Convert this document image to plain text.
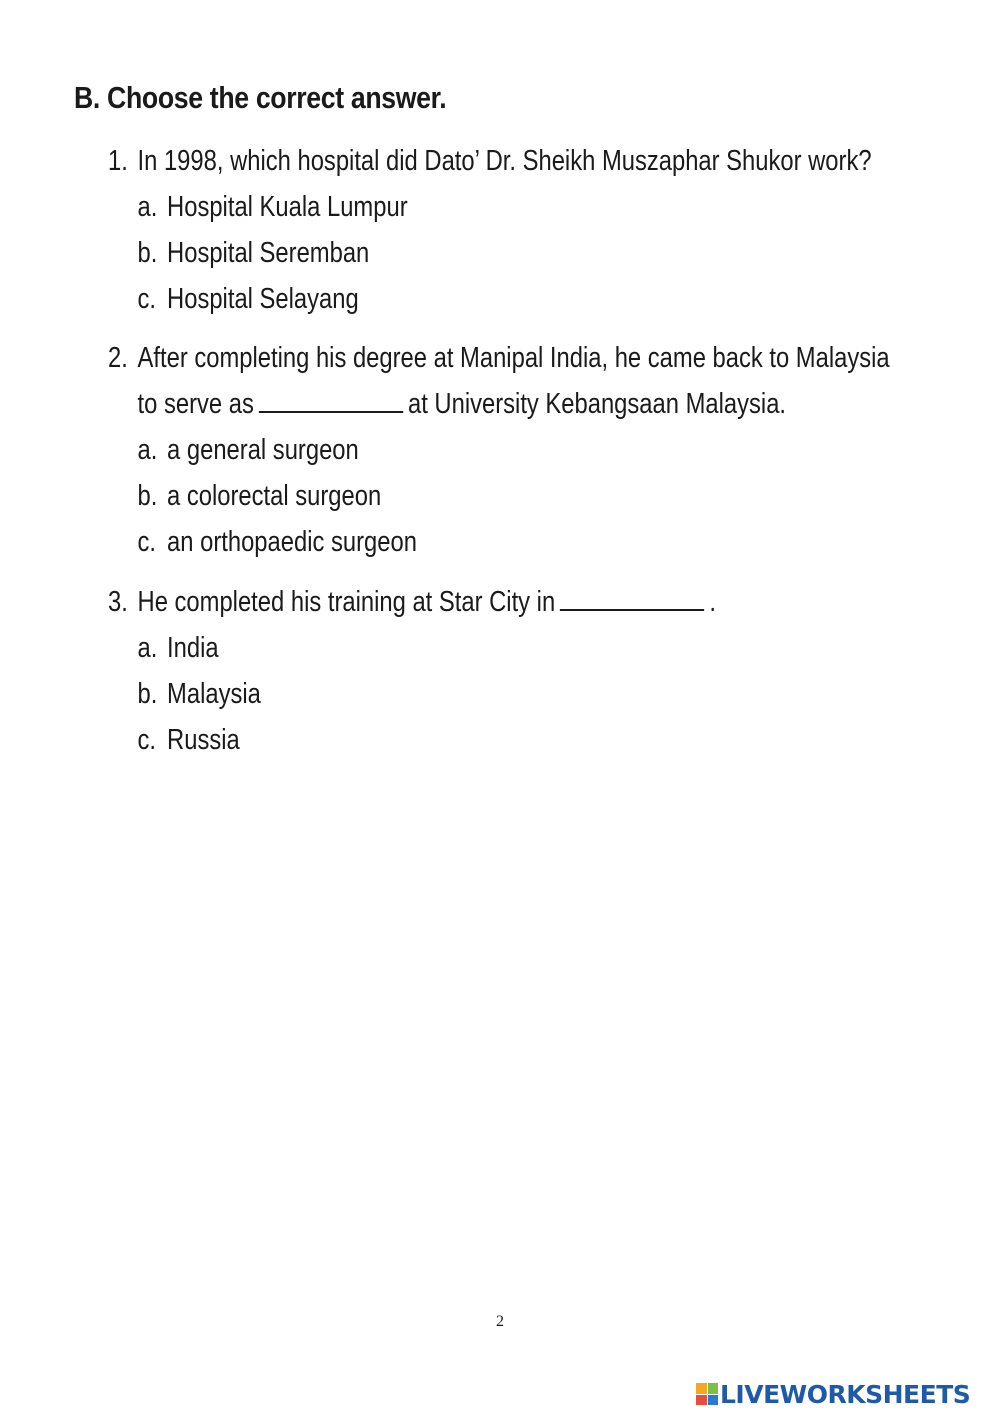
B. Choose the correct answer.
1. In 1998, which hospital did Dato’ Dr. Sheikh Muszaphar Shukor work?
a. Hospital Kuala Lumpur
b. Hospital Seremban
c. Hospital Selayang
2. After completing his degree at Manipal India, he came back to Malaysia
to serve as	at University Kebangsaan Malaysia.
a. a general surgeon
b. a colorectal surgeon
c. an orthopaedic surgeon
3. He completed his training at Star City in	.
a. India
b. Malaysia
c. Russia
2
LIVEWORKSHEETS
